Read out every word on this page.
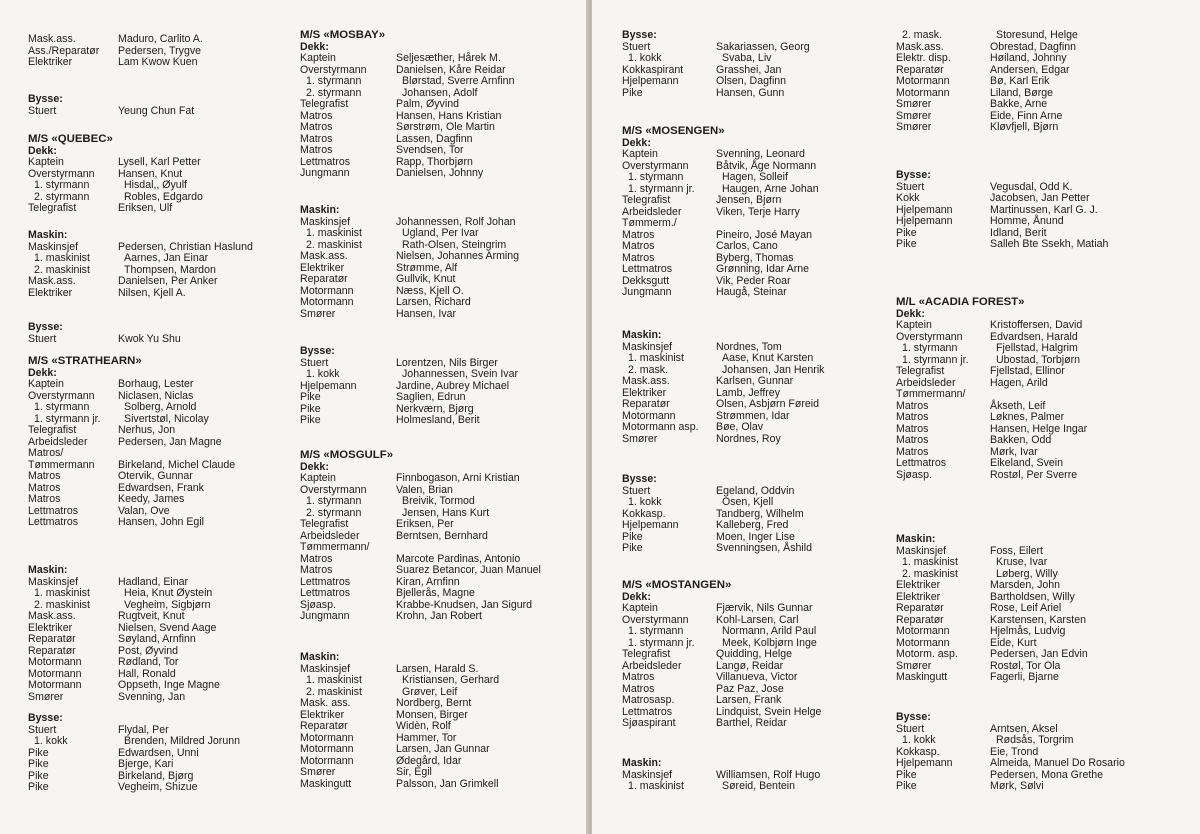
Mask.ass.	Maduro, Carlito A.
Ass./Reparatør	Pedersen, Trygve
Elektriker	Lam Kwow Kuen
Bysse:
Stuert	Yeung Chun Fat
M/S «QUEBEC»
Dekk:
Kaptein	Lysell, Karl Petter
Overstyrmann	Hansen, Knut
1. styrmann	Hisdal,, Øyulf
2. styrmann	Robles, Edgardo
Telegrafist	Eriksen, Ulf
Maskin:
Maskinsjef	Pedersen, Christian Haslund
1. maskinist	Aarnes, Jan Einar
2. maskinist	Thompsen, Mardon
Mask.ass.	Danielsen, Per Anker
Elektriker	Nilsen, Kjell A.
Bysse:
Stuert	Kwok Yu Shu
M/S «STRATHEARN»
Dekk:
Kaptein	Borhaug, Lester
Overstyrmann	Niclasen, Niclas
1. styrmann	Solberg, Arnold
1. styrmann jr.	Sivertstøl, Nicolay
Telegrafist	Nerhus, Jon
Arbeidsleder	Pedersen, Jan Magne
Matros/
Tømmermann	Birkeland, Michel Claude
Matros	Otervik, Gunnar
Matros	Edwardsen, Frank
Matros	Keedy, James
Lettmatros	Valan, Ove
Lettmatros	Hansen, John Egil
Maskin:
Maskinsjef	Hadland, Einar
1. maskinist	Heia, Knut Øystein
2. maskinist	Vegheim, Sigbjørn
Mask.ass.	Rugtveit, Knut
Elektriker	Nielsen, Svend Aage
Reparatør	Søyland, Arnfinn
Reparatør	Post, Øyvind
Motormann	Rødland, Tor
Motormann	Hall, Ronald
Motormann	Oppseth, Inge Magne
Smører	Svenning, Jan
Bysse:
Stuert	Flydal, Per
1. kokk	Brenden, Mildred Jorunn
Pike	Edwardsen, Unni
Pike	Bjerge, Kari
Pike	Birkeland, Bjørg
Pike	Vegheim, Shizue
M/S «MOSBAY»
Dekk:
Kaptein	Seljesæther, Hårek M.
Overstyrmann	Danielsen, Kåre Reidar
1. styrmann	Blørstad, Sverre Arnfinn
2. styrmann	Johansen, Adolf
Telegrafist	Palm, Øyvind
Matros	Hansen, Hans Kristian
Matros	Sørstrøm, Ole Martin
Matros	Lassen, Dagfinn
Matros	Svendsen, Tor
Lettmatros	Rapp, Thorbjørn
Jungmann	Danielsen, Johnny
Maskin:
Maskinsjef	Johannessen, Rolf Johan
1. maskinist	Ugland, Per Ivar
2. maskinist	Rath-Olsen, Steingrim
Mask.ass.	Nielsen, Johannes Arming
Elektriker	Strømme, Alf
Reparatør	Gullvik, Knut
Motormann	Næss, Kjell O.
Motormann	Larsen, Richard
Smører	Hansen, Ivar
Bysse:
Stuert	Lorentzen, Nils Birger
1. kokk	Johannessen, Svein Ivar
Hjelpemann	Jardine, Aubrey Michael
Pike	Saglien, Edrun
Pike	Nerkværn, Bjørg
Pike	Holmesland, Berit
M/S «MOSGULF»
Dekk:
Kaptein	Finnbogason, Arni Kristian
Overstyrmann	Valen, Brian
1. styrmann	Breivik, Tormod
2. styrmann	Jensen, Hans Kurt
Telegrafist	Eriksen, Per
Arbeidsleder	Berntsen, Bernhard
Tømmermann/
Matros	Marcote Pardinas, Antonio
Matros	Suarez Betancor, Juan Manuel
Lettmatros	Kiran, Arnfinn
Lettmatros	Bjellerås, Magne
Sjøasp.	Krabbe-Knudsen, Jan Sigurd
Jungmann	Krohn, Jan Robert
Maskin:
Maskinsjef	Larsen, Harald S.
1. maskinist	Kristiansen, Gerhard
2. maskinist	Grøver, Leif
Mask. ass.	Nordberg, Bernt
Elektriker	Monsen, Birger
Reparatør	Widèn, Rolf
Motormann	Hammer, Tor
Motormann	Larsen, Jan Gunnar
Motormann	Ødegård, Idar
Smører	Sir, Egil
Maskingutt	Palsson, Jan Grimkell
Bysse:
Stuert	Sakariassen, Georg
1. kokk	Svaba, Liv
Kokkaspirant	Grasshei, Jan
Hjelpemann	Olsen, Dagfinn
Pike	Hansen, Gunn
M/S «MOSENGEN»
Dekk:
Kaptein	Svenning, Leonard
Overstyrmann	Båtvik, Åge Normann
1. styrmann	Hagen, Solleif
1. styrmann jr.	Haugen, Arne Johan
Telegrafist	Jensen, Bjørn
Arbeidsleder	Viken, Terje Harry
Tømmerm./
Matros	Pineiro, José Mayan
Matros	Carlos, Cano
Matros	Byberg, Thomas
Lettmatros	Grønning, Idar Arne
Dekksgutt	Vik, Peder Roar
Jungmann	Haugå, Steinar
Maskin:
Maskinsjef	Nordnes, Tom
1. maskinist	Aase, Knut Karsten
2. mask.	Johansen, Jan Henrik
Mask.ass.	Karlsen, Gunnar
Elektriker	Lamb, Jeffrey
Reparatør	Olsen, Asbjørn Føreid
Motormann	Strømmen, Idar
Motormann asp.	Bøe, Olav
Smører	Nordnes, Roy
Bysse:
Stuert	Egeland, Oddvin
1. kokk	Osen, Kjell
Kokkasp.	Tandberg, Wilhelm
Hjelpemann	Kalleberg, Fred
Pike	Moen, Inger Lise
Pike	Svenningsen, Åshild
M/S «MOSTANGEN»
Dekk:
Kaptein	Fjærvik, Nils Gunnar
Overstyrmann	Kohl-Larsen, Carl
1. styrmann	Normann, Arild Paul
1. styrmann jr.	Meek, Kolbjørn Inge
Telegrafist	Quidding, Helge
Arbeidsleder	Langø, Reidar
Matros	Villanueva, Victor
Matros	Paz Paz, Jose
Matrosasp.	Larsen, Frank
Lettmatros	Lindquist, Svein Helge
Sjøaspirant	Barthel, Reidar
Maskin:
Maskinsjef	Williamsen, Rolf Hugo
1. maskinist	Søreid, Bentein
2. mask.	Storesund, Helge
Mask.ass.	Obrestad, Dagfinn
Elektr. disp.	Høiland, Johnny
Reparatør	Andersen, Edgar
Motormann	Bø, Karl Erik
Motormann	Liland, Børge
Smører	Bakke, Arne
Smører	Eide, Finn Arne
Smører	Kløvfjell, Bjørn
Bysse:
Stuert	Vegusdal, Odd K.
Kokk	Jacobsen, Jan Petter
Hjelpemann	Martinussen, Karl G. J.
Hjelpemann	Homme, Ånund
Pike	Idland, Berit
Pike	Salleh Bte Ssekh, Matiah
M/L «ACADIA FOREST»
Dekk:
Kaptein	Kristoffersen, David
Overstyrmann	Edvardsen, Harald
1. styrmann	Fjellstad, Halgrim
1. styrmann jr.	Ubostad, Torbjørn
Telegrafist	Fjellstad, Ellinor
Arbeidsleder	Hagen, Arild
Tømmermann/
Matros	Åkseth, Leif
Matros	Løknes, Palmer
Matros	Hansen, Helge Ingar
Matros	Bakken, Odd
Matros	Mørk, Ivar
Lettmatros	Eikeland, Svein
Sjøasp.	Rostøl, Per Sverre
Maskin:
Maskinsjef	Foss, Eilert
1. maskinist	Kruse, Ivar
2. maskinist	Løberg, Willy
Elektriker	Marsden, John
Elektriker	Bartholdsen, Willy
Reparatør	Rose, Leif Ariel
Reparatør	Karstensen, Karsten
Motormann	Hjelmås, Ludvig
Motormann	Eide, Kurt
Motorm. asp.	Pedersen, Jan Edvin
Smører	Rostøl, Tor Ola
Maskingutt	Fagerli, Bjarne
Bysse:
Stuert	Arntsen, Aksel
1. kokk	Rødsås, Torgrim
Kokkasp.	Eie, Trond
Hjelpemann	Almeida, Manuel Do Rosario
Pike	Pedersen, Mona Grethe
Pike	Mørk, Sølvi
